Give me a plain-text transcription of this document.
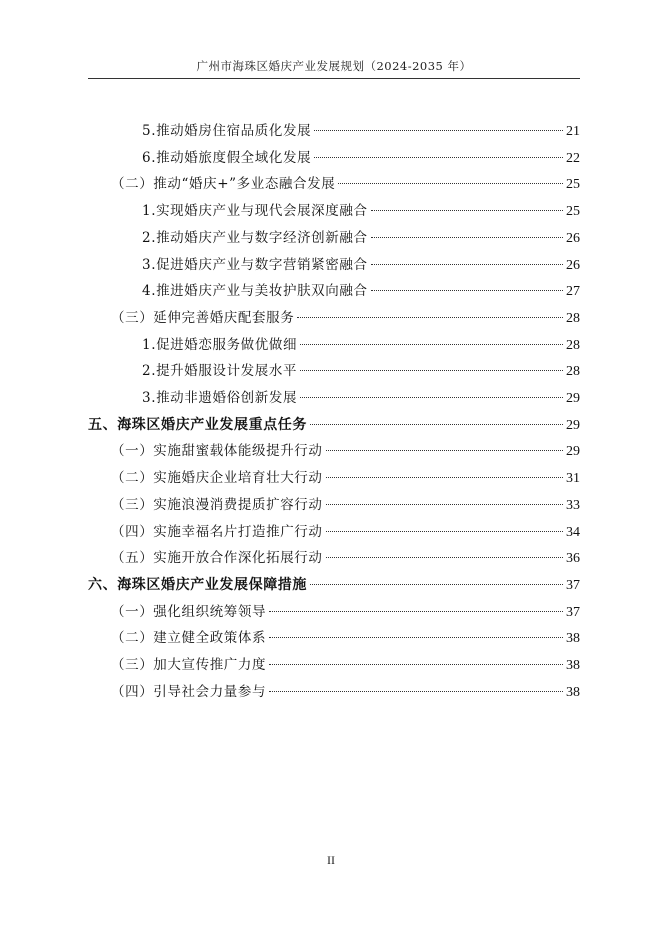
广州市海珠区婚庆产业发展规划（2024-2035 年）
5.推动婚房住宿品质化发展	21
6.推动婚旅度假全域化发展	22
（二）推动“婚庆+”多业态融合发展	25
1.实现婚庆产业与现代会展深度融合	25
2.推动婚庆产业与数字经济创新融合	26
3.促进婚庆产业与数字营销紧密融合	26
4.推进婚庆产业与美妆护肤双向融合	27
（三）延伸完善婚庆配套服务	28
1.促进婚恋服务做优做细	28
2.提升婚服设计发展水平	28
3.推动非遗婚俗创新发展	29
五、海珠区婚庆产业发展重点任务	29
（一）实施甜蜜载体能级提升行动	29
（二）实施婚庆企业培育壮大行动	31
（三）实施浪漫消费提质扩容行动	33
（四）实施幸福名片打造推广行动	34
（五）实施开放合作深化拓展行动	36
六、海珠区婚庆产业发展保障措施	37
（一）强化组织统筹领导	37
（二）建立健全政策体系	38
（三）加大宣传推广力度	38
（四）引导社会力量参与	38
II
